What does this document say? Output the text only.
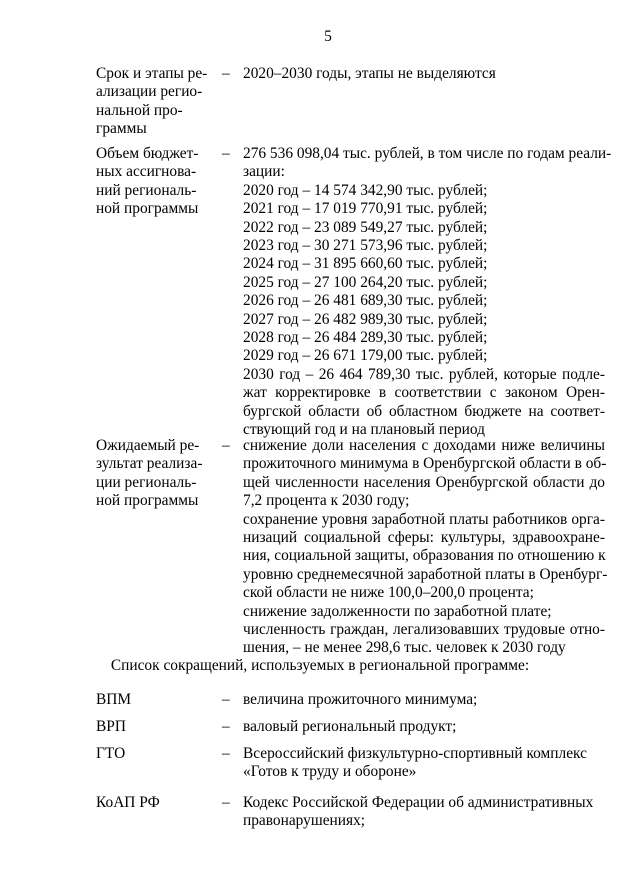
5
Срок и этапы ре-
ализации регио-
нальной про-
граммы
– 2020–2030 годы, этапы не выделяются
Объем бюджет-
ных ассигнова-
ний региональ-
ной программы
– 276 536 098,04 тыс. рублей, в том числе по годам реали-
зации:
2020 год – 14 574 342,90 тыс. рублей;
2021 год – 17 019 770,91 тыс. рублей;
2022 год – 23 089 549,27 тыс. рублей;
2023 год – 30 271 573,96 тыс. рублей;
2024 год – 31 895 660,60 тыс. рублей;
2025 год – 27 100 264,20 тыс. рублей;
2026 год – 26 481 689,30 тыс. рублей;
2027 год – 26 482 989,30 тыс. рублей;
2028 год – 26 484 289,30 тыс. рублей;
2029 год – 26 671 179,00 тыс. рублей;
2030 год – 26 464 789,30 тыс. рублей, которые подле-
жат корректировке в соответствии с законом Орен-
бургской области об областном бюджете на соответ-
ствующий год и на плановый период
Ожидаемый ре-
зультат реализа-
ции региональ-
ной программы
– снижение доли населения с доходами ниже величины
прожиточного минимума в Оренбургской области в об-
щей численности населения Оренбургской области до
7,2 процента к 2030 году;
сохранение уровня заработной платы работников орга-
низаций социальной сферы: культуры, здравоохране-
ния, социальной защиты, образования по отношению к
уровню среднемесячной заработной платы в Оренбург-
ской области не ниже 100,0–200,0 процента;
снижение задолженности по заработной плате;
численность граждан, легализовавших трудовые отно-
шения, – не менее 298,6 тыс. человек к 2030 году
Список сокращений, используемых в региональной программе:
ВПМ	– величина прожиточного минимума;
ВРП	– валовый региональный продукт;
ГТО	– Всероссийский физкультурно-спортивный комплекс
«Готов к труду и обороне»
КоАП РФ	– Кодекс Российской Федерации об административных
правонарушениях;
